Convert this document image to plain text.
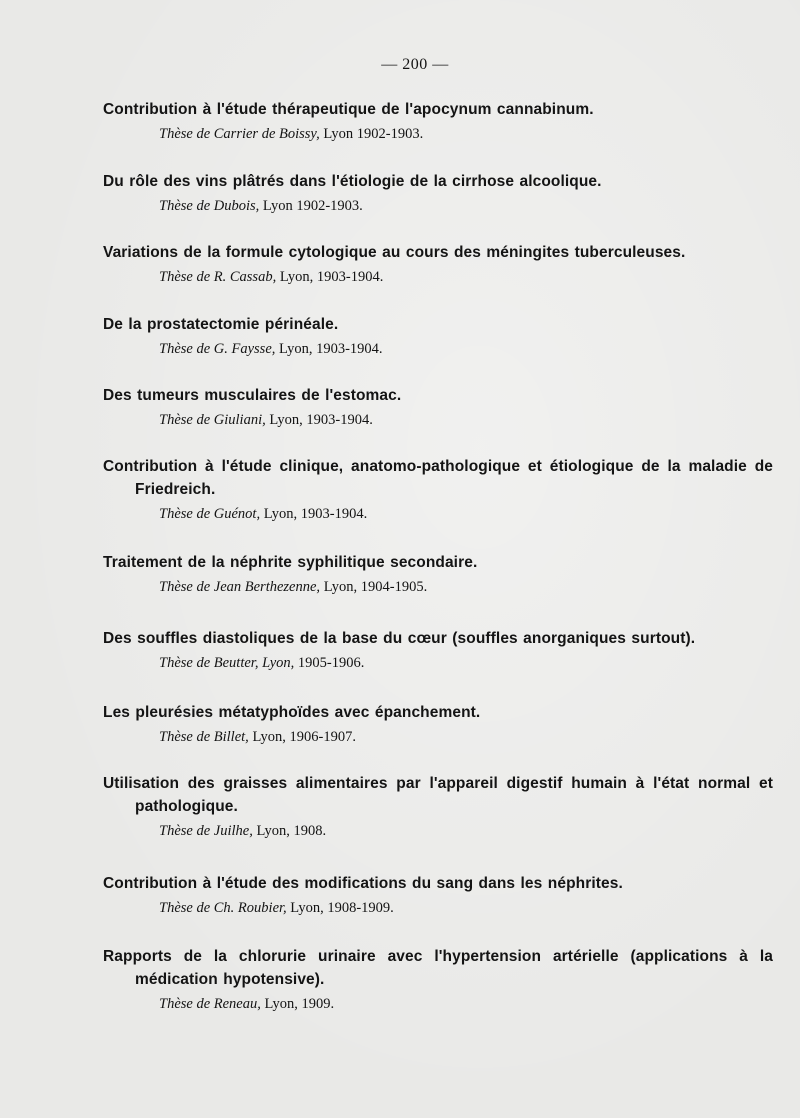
— 200 —
Contribution à l'étude thérapeutique de l'apocynum cannabinum.
Thèse de Carrier de Boissy, Lyon 1902-1903.
Du rôle des vins plâtrés dans l'étiologie de la cirrhose alcoolique.
Thèse de Dubois, Lyon 1902-1903.
Variations de la formule cytologique au cours des méningites tuberculeuses.
Thèse de R. Cassab, Lyon, 1903-1904.
De la prostatectomie périnéale.
Thèse de G. Faysse, Lyon, 1903-1904.
Des tumeurs musculaires de l'estomac.
Thèse de Giuliani, Lyon, 1903-1904.
Contribution à l'étude clinique, anatomo-pathologique et étiologique de la maladie de Friedreich.
Thèse de Guénot, Lyon, 1903-1904.
Traitement de la néphrite syphilitique secondaire.
Thèse de Jean Berthezenne, Lyon, 1904-1905.
Des souffles diastoliques de la base du cœur (souffles anorganiques surtout).
Thèse de Beutter, Lyon, 1905-1906.
Les pleurésies métatyphoïdes avec épanchement.
Thèse de Billet, Lyon, 1906-1907.
Utilisation des graisses alimentaires par l'appareil digestif humain à l'état normal et pathologique.
Thèse de Juilhe, Lyon, 1908.
Contribution à l'étude des modifications du sang dans les néphrites.
Thèse de Ch. Roubier, Lyon, 1908-1909.
Rapports de la chlorurie urinaire avec l'hypertension artérielle (applications à la médication hypotensive).
Thèse de Reneau, Lyon, 1909.
